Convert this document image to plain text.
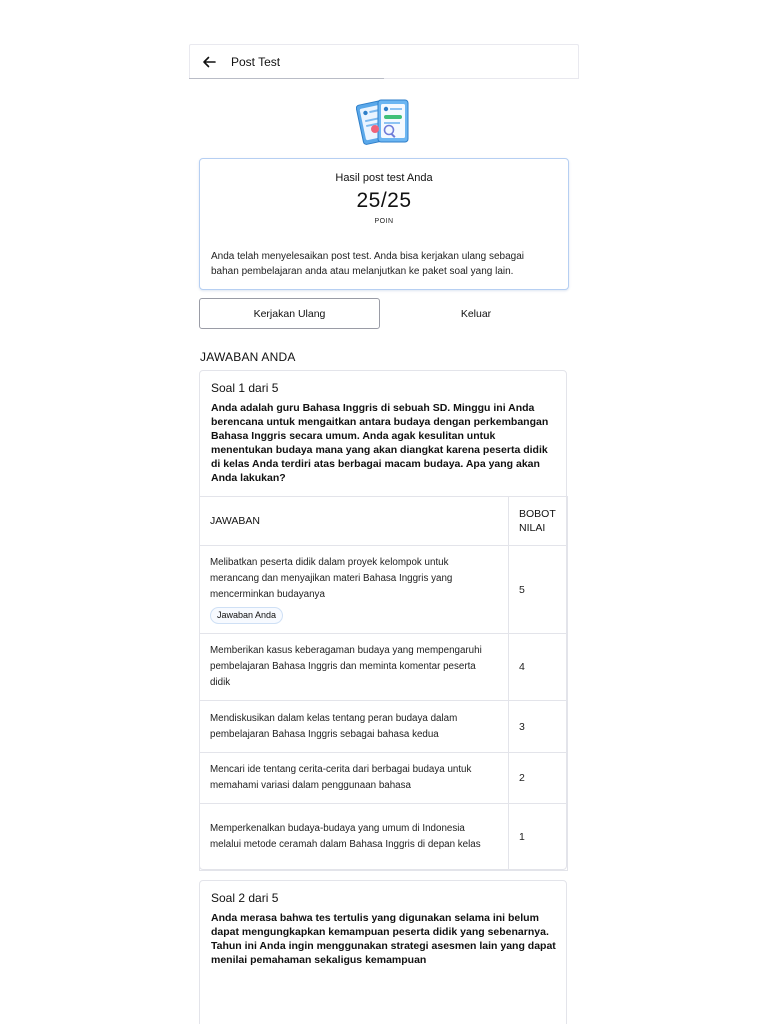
Post Test
Hasil post test Anda
25/25
POIN
Anda telah menyelesaikan post test. Anda bisa kerjakan ulang sebagai bahan pembelajaran anda atau melanjutkan ke paket soal yang lain.
Kerjakan Ulang	Keluar
JAWABAN ANDA
Soal 1 dari 5
Anda adalah guru Bahasa Inggris di sebuah SD. Minggu ini Anda berencana untuk mengaitkan antara budaya dengan perkembangan Bahasa Inggris secara umum. Anda agak kesulitan untuk menentukan budaya mana yang akan diangkat karena peserta didik di kelas Anda terdiri atas berbagai macam budaya. Apa yang akan Anda lakukan?
JAWABAN	BOBOT NILAI

Melibatkan peserta didik dalam proyek kelompok untuk merancang dan menyajikan materi Bahasa Inggris yang mencerminkan budayanya
Jawaban Anda	5
Memberikan kasus keberagaman budaya yang mempengaruhi pembelajaran Bahasa Inggris dan meminta komentar peserta didik	4
Mendiskusikan dalam kelas tentang peran budaya dalam pembelajaran Bahasa Inggris sebagai bahasa kedua	3
Mencari ide tentang cerita-cerita dari berbagai budaya untuk memahami variasi dalam penggunaan bahasa	2
Memperkenalkan budaya-budaya yang umum di Indonesia melalui metode ceramah dalam Bahasa Inggris di depan kelas	1
Soal 2 dari 5
Anda merasa bahwa tes tertulis yang digunakan selama ini belum dapat mengungkapkan kemampuan peserta didik yang sebenarnya. Tahun ini Anda ingin menggunakan strategi asesmen lain yang dapat menilai pemahaman sekaligus kemampuan
